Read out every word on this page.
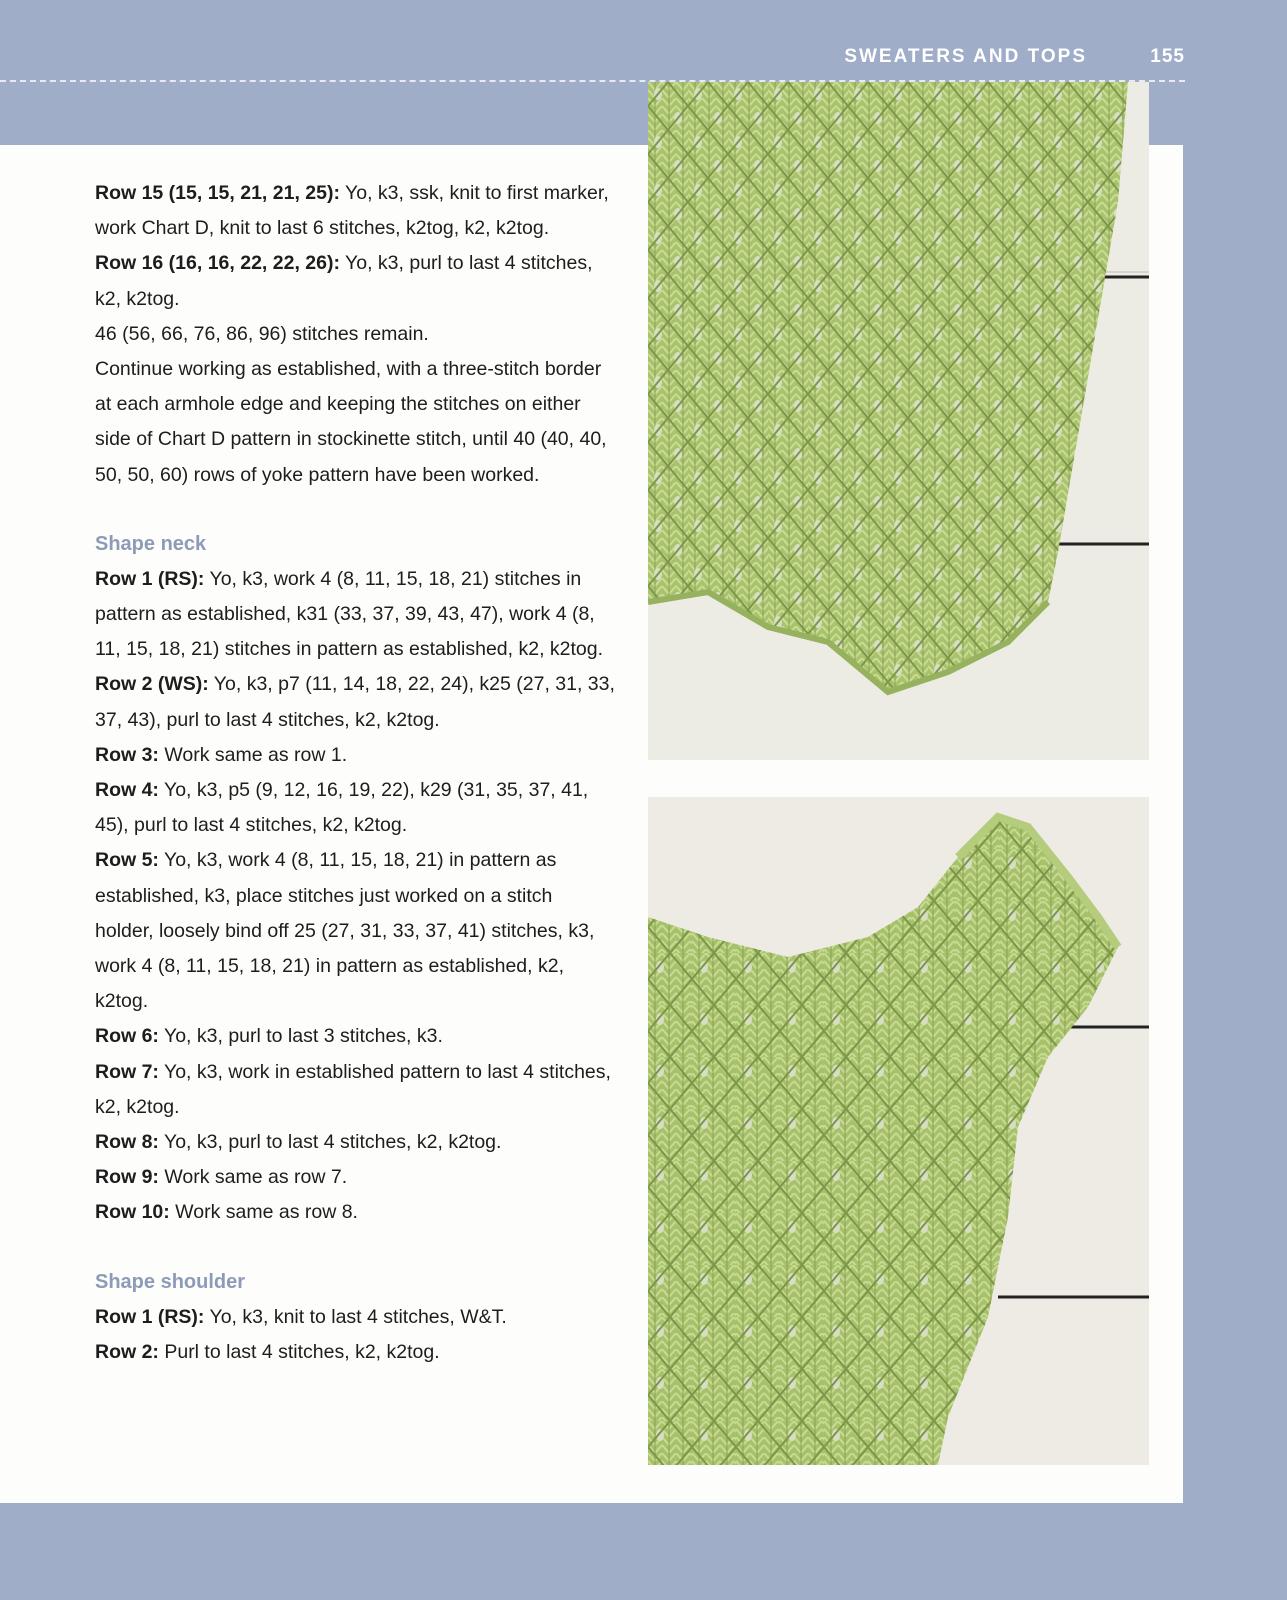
SWEATERS AND TOPS	155

Row 15 (15, 15, 21, 21, 25): Yo, k3, ssk, knit to first marker, work Chart D, knit to last 6 stitches, k2tog, k2, k2tog.

Row 16 (16, 16, 22, 22, 26): Yo, k3, purl to last 4 stitches, k2, k2tog.

46 (56, 66, 76, 86, 96) stitches remain.

Continue working as established, with a three-stitch border at each armhole edge and keeping the stitches on either side of Chart D pattern in stockinette stitch, until 40 (40, 40, 50, 50, 60) rows of yoke pattern have been worked.

Shape neck

Row 1 (RS): Yo, k3, work 4 (8, 11, 15, 18, 21) stitches in pattern as established, k31 (33, 37, 39, 43, 47), work 4 (8, 11, 15, 18, 21) stitches in pattern as established, k2, k2tog.

Row 2 (WS): Yo, k3, p7 (11, 14, 18, 22, 24), k25 (27, 31, 33, 37, 43), purl to last 4 stitches, k2, k2tog.

Row 3: Work same as row 1.

Row 4: Yo, k3, p5 (9, 12, 16, 19, 22), k29 (31, 35, 37, 41, 45), purl to last 4 stitches, k2, k2tog.

Row 5: Yo, k3, work 4 (8, 11, 15, 18, 21) in pattern as established, k3, place stitches just worked on a stitch holder, loosely bind off 25 (27, 31, 33, 37, 41) stitches, k3, work 4 (8, 11, 15, 18, 21) in pattern as established, k2, k2tog.

Row 6: Yo, k3, purl to last 3 stitches, k3.

Row 7: Yo, k3, work in established pattern to last 4 stitches, k2, k2tog.

Row 8: Yo, k3, purl to last 4 stitches, k2, k2tog.

Row 9: Work same as row 7.

Row 10: Work same as row 8.

Shape shoulder

Row 1 (RS): Yo, k3, knit to last 4 stitches, W&T.

Row 2: Purl to last 4 stitches, k2, k2tog.
